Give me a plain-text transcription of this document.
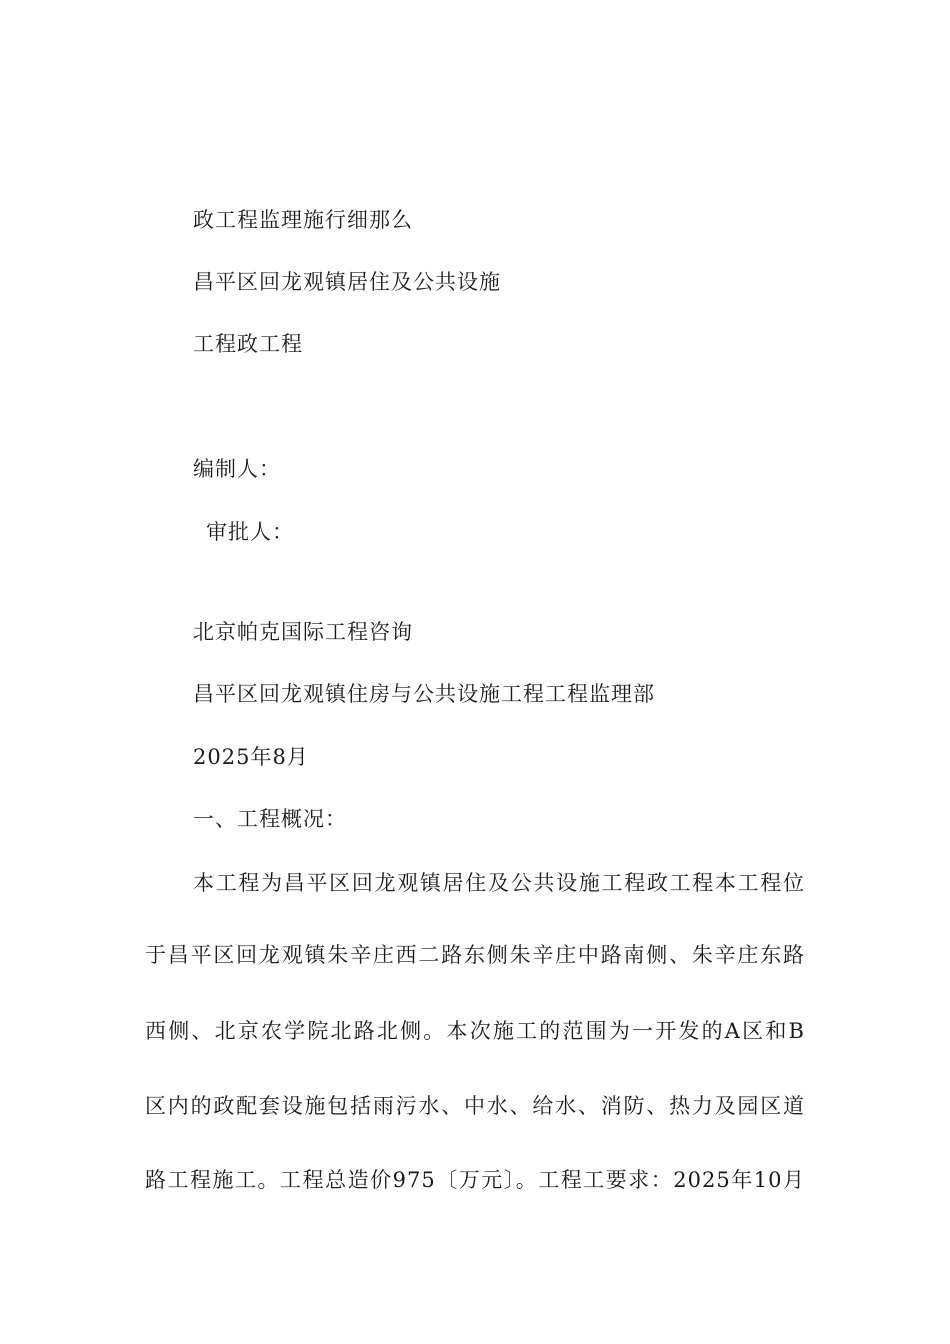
政工程监理施行细那么
昌平区回龙观镇居住及公共设施
工程政工程
编制人：
审批人：
北京帕克国际工程咨询
昌平区回龙观镇住房与公共设施工程工程监理部
2025年8月
一、工程概况：
本工程为昌平区回龙观镇居住及公共设施工程政工程本工程位
于昌平区回龙观镇朱辛庄西二路东侧朱辛庄中路南侧、朱辛庄东路
西侧、北京农学院北路北侧。本次施工的范围为一开发的A区和B
区内的政配套设施包括雨污水、中水、给水、消防、热力及园区道
路工程施工。工程总造价975〔万元〕。工程工要求：2025年10月
